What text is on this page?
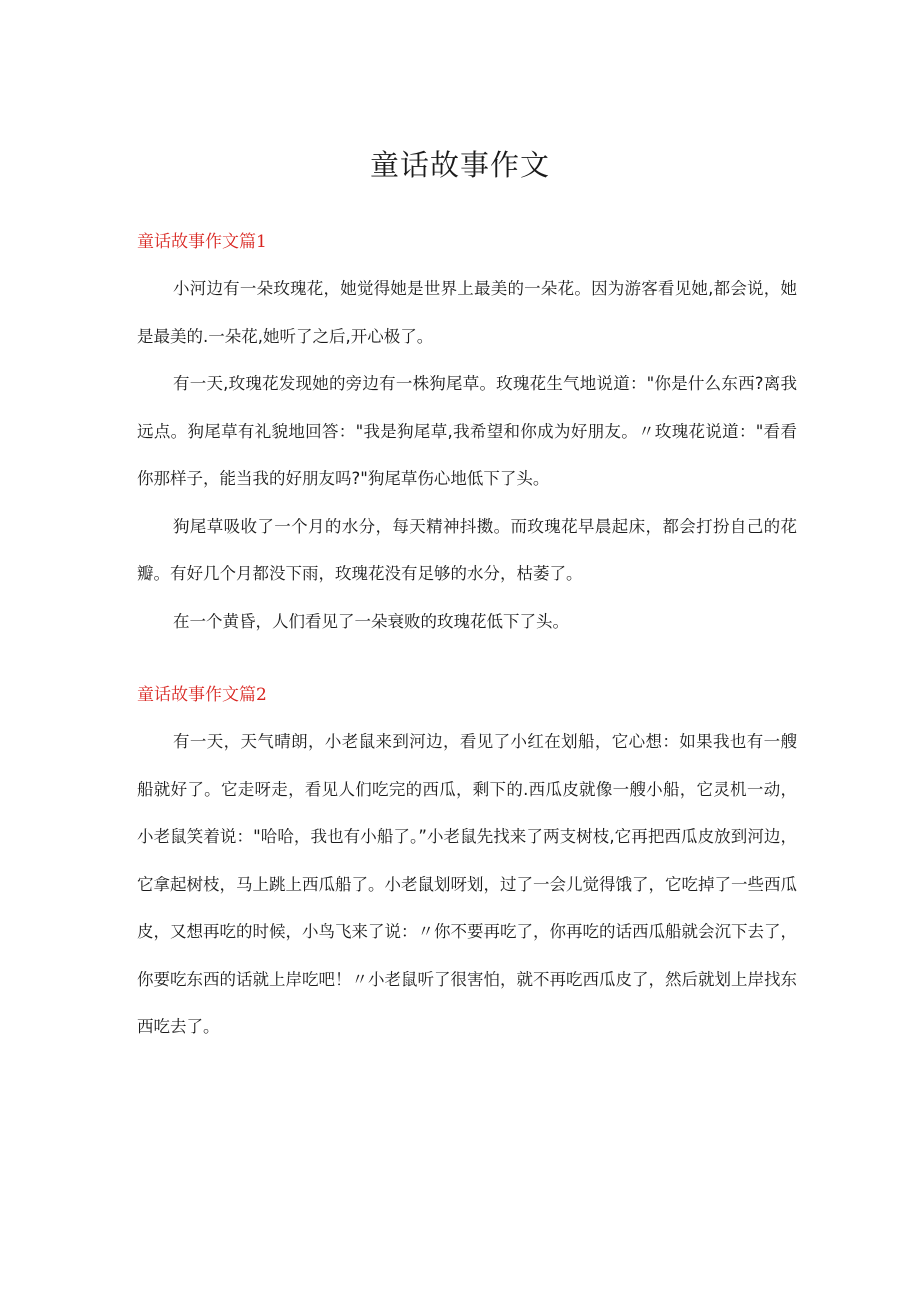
童话故事作文
童话故事作文篇1

小河边有一朵玫瑰花，她觉得她是世界上最美的一朵花。因为游客看见她,都会说，她是最美的.一朵花,她听了之后,开心极了。

有一天,玫瑰花发现她的旁边有一株狗尾草。玫瑰花生气地说道："你是什么东西?离我远点。狗尾草有礼貌地回答："我是狗尾草,我希望和你成为好朋友。〃玫瑰花说道："看看你那样子，能当我的好朋友吗?"狗尾草伤心地低下了头。

狗尾草吸收了一个月的水分，每天精神抖擞。而玫瑰花早晨起床，都会打扮自己的花瓣。有好几个月都没下雨，玫瑰花没有足够的水分，枯萎了。

在一个黄昏，人们看见了一朵衰败的玫瑰花低下了头。

童话故事作文篇2

有一天，天气晴朗，小老鼠来到河边，看见了小红在划船，它心想：如果我也有一艘船就好了。它走呀走，看见人们吃完的西瓜，剩下的.西瓜皮就像一艘小船，它灵机一动，小老鼠笑着说："哈哈，我也有小船了。”小老鼠先找来了两支树枝,它再把西瓜皮放到河边，它拿起树枝，马上跳上西瓜船了。小老鼠划呀划，过了一会儿觉得饿了，它吃掉了一些西瓜皮，又想再吃的时候，小鸟飞来了说：〃你不要再吃了，你再吃的话西瓜船就会沉下去了，你要吃东西的话就上岸吃吧！〃小老鼠听了很害怕，就不再吃西瓜皮了，然后就划上岸找东西吃去了。
